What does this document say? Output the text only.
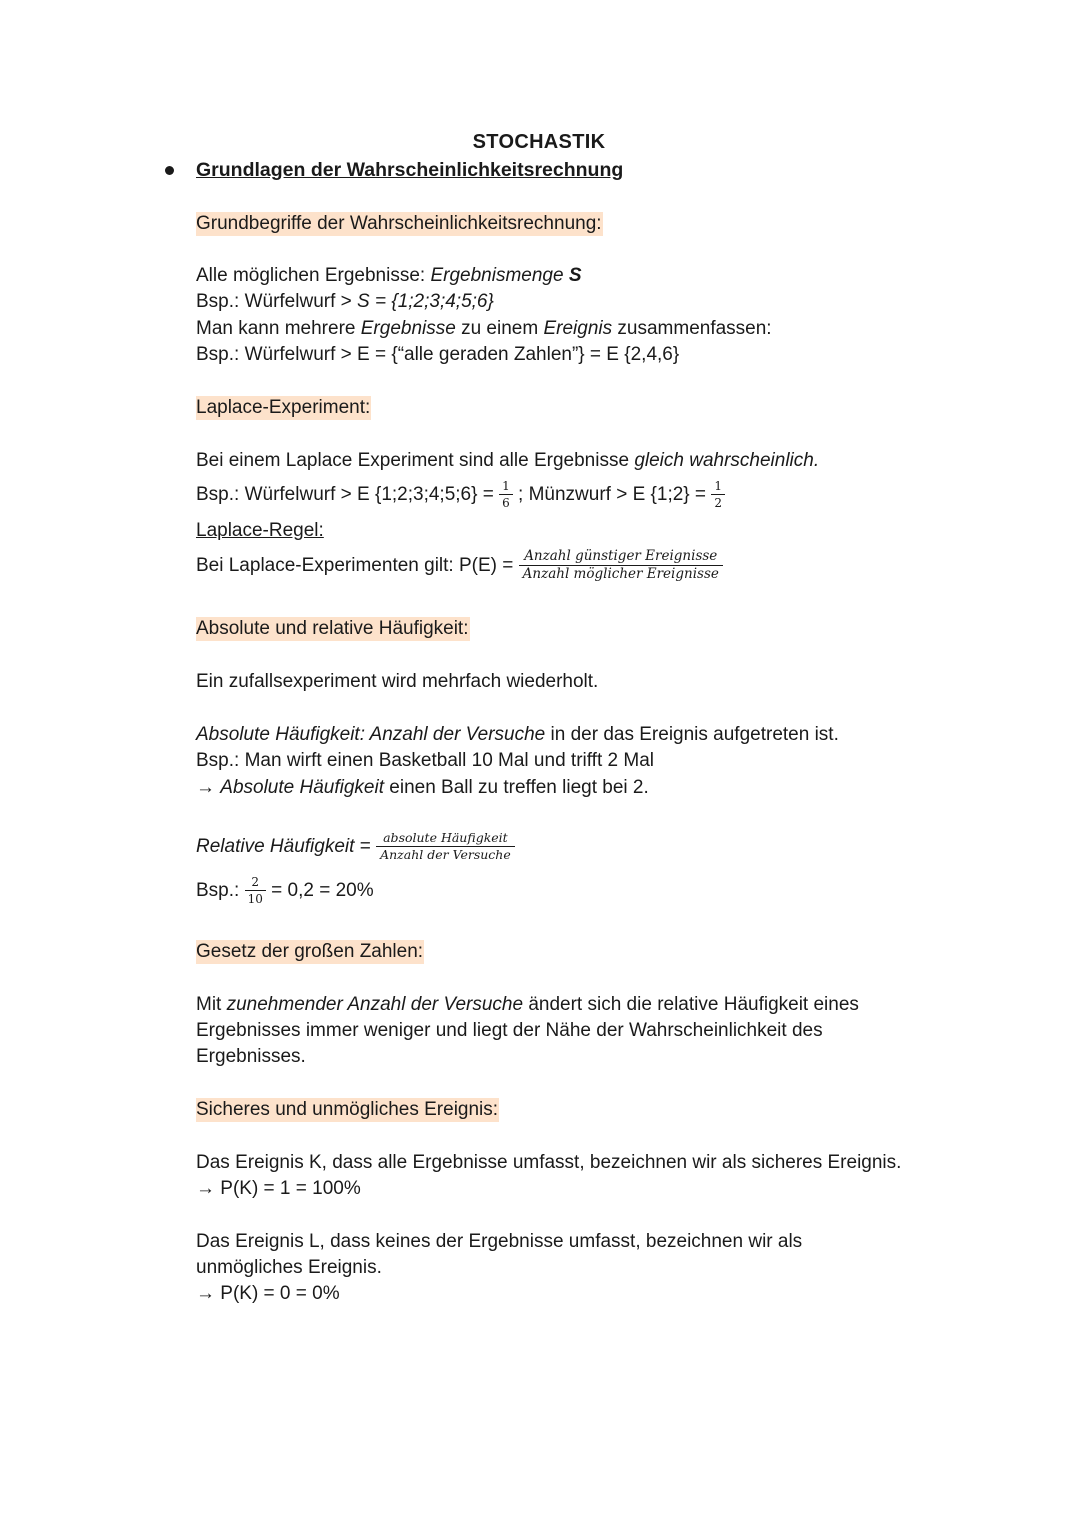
STOCHASTIK
Grundlagen der Wahrscheinlichkeitsrechnung
Grundbegriffe der Wahrscheinlichkeitsrechnung:
Alle möglichen Ergebnisse: Ergebnismenge S
Bsp.: Würfelwurf > S = {1;2;3;4;5;6}
Man kann mehrere Ergebnisse zu einem Ereignis zusammenfassen:
Bsp.: Würfelwurf > E = {“alle geraden Zahlen”} = E {2,4,6}
Laplace-Experiment:
Bei einem Laplace Experiment sind alle Ergebnisse gleich wahrscheinlich.
Bsp.: Würfelwurf > E {1;2;3;4;5;6} = $\frac{1}{6}$ ; Münzwurf > E {1;2} = $\frac{1}{2}$
Laplace-Regel:
Bei Laplace-Experimenten gilt: $P(E) = \frac{\text{Anzahl günstiger Ereignisse}}{\text{Anzahl möglicher Ereignisse}}$
Absolute und relative Häufigkeit:
Ein zufallsexperiment wird mehrfach wiederholt.
Absolute Häufigkeit: Anzahl der Versuche in der das Ereignis aufgetreten ist.
Bsp.: Man wirft einen Basketball 10 Mal und trifft 2 Mal
→ Absolute Häufigkeit einen Ball zu treffen liegt bei 2.
Relative Häufigkeit = $\frac{\text{absolute Häufigkeit}}{\text{Anzahl der Versuche}}$
Bsp.: $\frac{2}{10} = 0,2 = 20\%$
Gesetz der großen Zahlen:
Mit zunehmender Anzahl der Versuche ändert sich die relative Häufigkeit eines
Ergebnisses immer weniger und liegt der Nähe der Wahrscheinlichkeit des
Ergebnisses.
Sicheres und unmögliches Ereignis:
Das Ereignis K, dass alle Ergebnisse umfasst, bezeichnen wir als sicheres Ereignis.
→ P(K) = 1 = 100%
Das Ereignis L, dass keines der Ergebnisse umfasst, bezeichnen wir als
unmögliches Ereignis.
→ P(K) = 0 = 0%
